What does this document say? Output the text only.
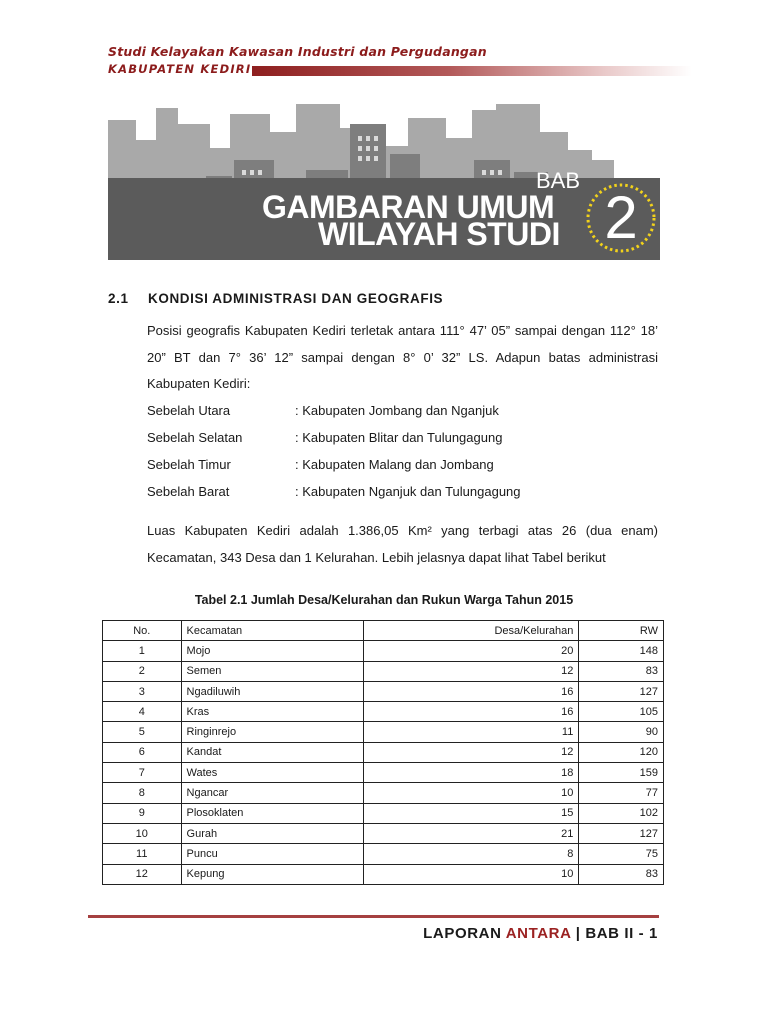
Studi Kelayakan Kawasan Industri dan Pergudangan
KABUPATEN KEDIRI
BAB
GAMBARAN UMUM
WILAYAH STUDI 2
2.1 KONDISI ADMINISTRASI DAN GEOGRAFIS
Posisi geografis Kabupaten Kediri terletak antara 111° 47’ 05” sampai dengan 112° 18’ 20” BT dan 7° 36’ 12” sampai dengan 8° 0’ 32” LS. Adapun batas administrasi Kabupaten Kediri:
Sebelah Utara	: Kabupaten Jombang dan Nganjuk
Sebelah Selatan	: Kabupaten Blitar dan Tulungagung
Sebelah Timur	: Kabupaten Malang dan Jombang
Sebelah Barat	: Kabupaten Nganjuk dan Tulungagung
Luas Kabupaten Kediri adalah 1.386,05 Km² yang terbagi atas 26 (dua enam) Kecamatan, 343 Desa dan 1 Kelurahan. Lebih jelasnya dapat lihat Tabel berikut
Tabel 2.1 Jumlah Desa/Kelurahan dan Rukun Warga Tahun 2015
No.	Kecamatan	Desa/Kelurahan	RW
1	Mojo	20	148
2	Semen	12	83
3	Ngadiluwih	16	127
4	Kras	16	105
5	Ringinrejo	11	90
6	Kandat	12	120
7	Wates	18	159
8	Ngancar	10	77
9	Plosoklaten	15	102
10	Gurah	21	127
11	Puncu	8	75
12	Kepung	10	83
LAPORAN ANTARA | BAB II - 1
